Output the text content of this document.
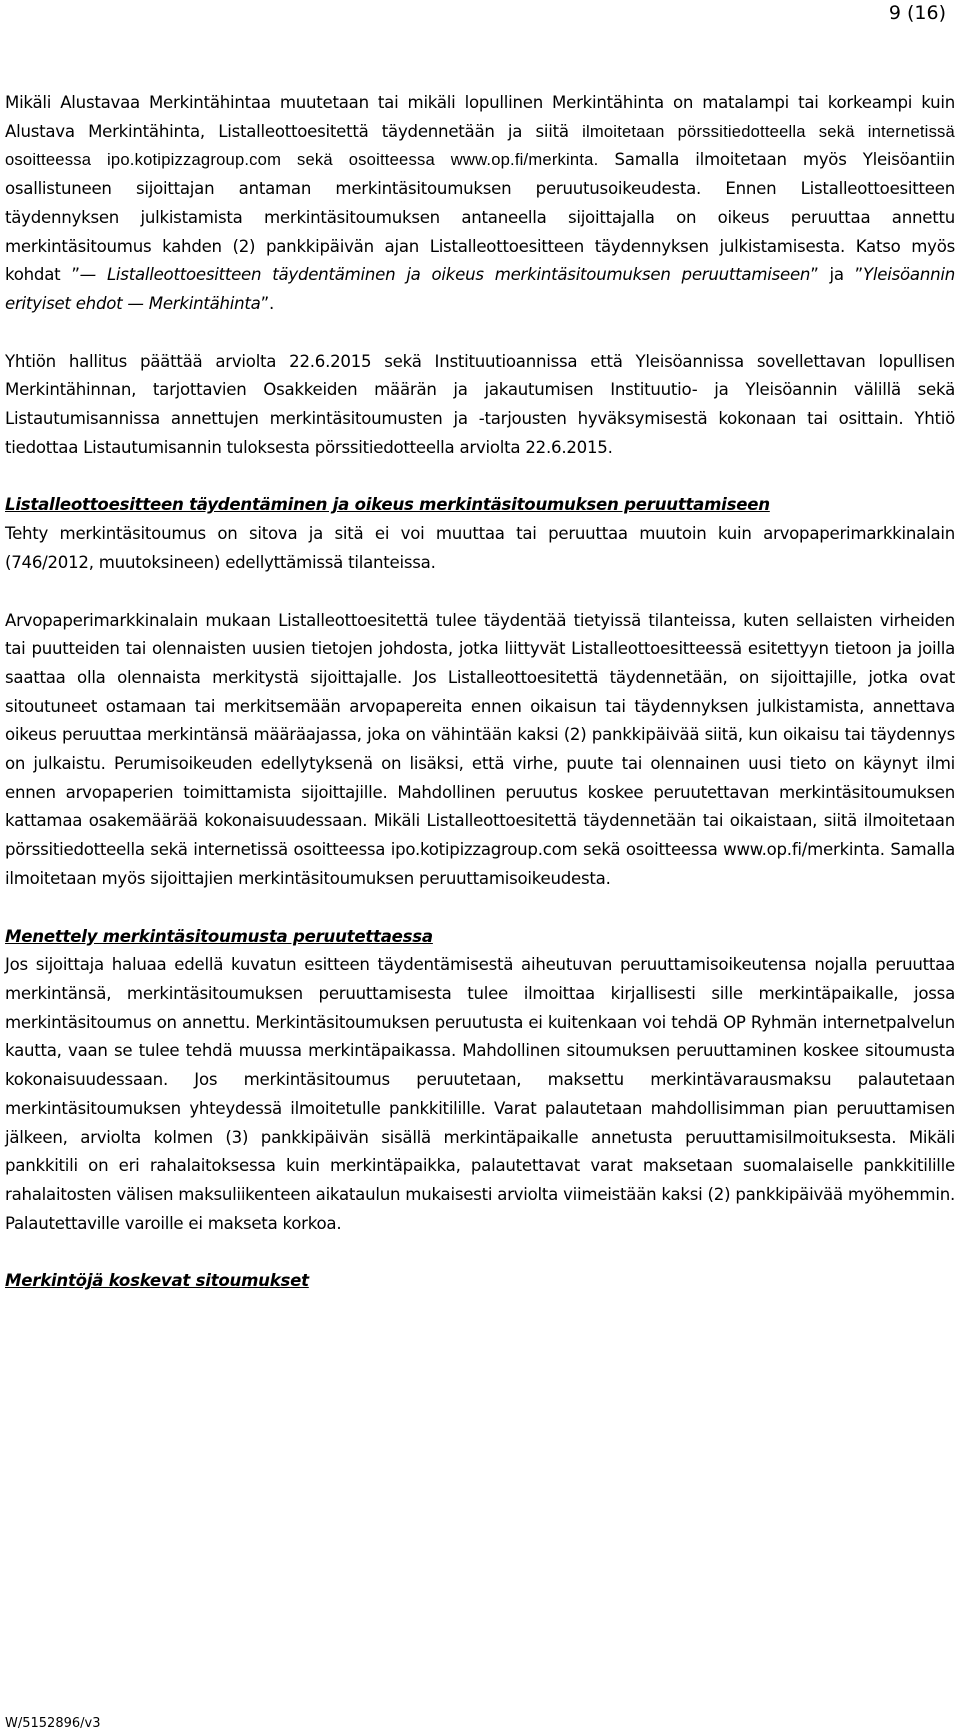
9 (16)

Mikäli Alustavaa Merkintähintaa muutetaan tai mikäli lopullinen Merkintähinta on matalampi tai korkeampi kuin Alustava Merkintähinta, Listalleottoesitettä täydennetään ja siitä ilmoitetaan pörssitiedotteella sekä internetissä osoitteessa ipo.kotipizzagroup.com sekä osoitteessa www.op.fi/merkinta. Samalla ilmoitetaan myös Yleisöantiin osallistuneen sijoittajan antaman merkintäsitoumuksen peruutusoikeudesta. Ennen Listalleottoesitteen täydennyksen julkistamista merkintäsitoumuksen antaneella sijoittajalla on oikeus peruuttaa annettu merkintäsitoumus kahden (2) pankkipäivän ajan Listalleottoesitteen täydennyksen julkistamisesta. Katso myös kohdat ”— Listalleottoesitteen täydentäminen ja oikeus merkintäsitoumuksen peruuttamiseen” ja ”Yleisöannin erityiset ehdot — Merkintähinta”.

Yhtiön hallitus päättää arviolta 22.6.2015 sekä Instituutioannissa että Yleisöannissa sovellettavan lopullisen Merkintähinnan, tarjottavien Osakkeiden määrän ja jakautumisen Instituutio- ja Yleisöannin välillä sekä Listautumisannissa annettujen merkintäsitoumusten ja -tarjousten hyväksymisestä kokonaan tai osittain. Yhtiö tiedottaa Listautumisannin tuloksesta pörssitiedotteella arviolta 22.6.2015.

Listalleottoesitteen täydentäminen ja oikeus merkintäsitoumuksen peruuttamiseen

Tehty merkintäsitoumus on sitova ja sitä ei voi muuttaa tai peruuttaa muutoin kuin arvopaperimarkkinalain (746/2012, muutoksineen) edellyttämissä tilanteissa.

Arvopaperimarkkinalain mukaan Listalleottoesitettä tulee täydentää tietyissä tilanteissa, kuten sellaisten virheiden tai puutteiden tai olennaisten uusien tietojen johdosta, jotka liittyvät Listalleottoesitteessä esitettyyn tietoon ja joilla saattaa olla olennaista merkitystä sijoittajalle. Jos Listalleottoesitettä täydennetään, on sijoittajille, jotka ovat sitoutuneet ostamaan tai merkitsemään arvopapereita ennen oikaisun tai täydennyksen julkistamista, annettava oikeus peruuttaa merkintänsä määräajassa, joka on vähintään kaksi (2) pankkipäivää siitä, kun oikaisu tai täydennys on julkaistu. Perumisoikeuden edellytyksenä on lisäksi, että virhe, puute tai olennainen uusi tieto on käynyt ilmi ennen arvopaperien toimittamista sijoittajille. Mahdollinen peruutus koskee peruutettavan merkintäsitoumuksen kattamaa osakemäärää kokonaisuudessaan. Mikäli Listalleottoesitettä täydennetään tai oikaistaan, siitä ilmoitetaan pörssitiedotteella sekä internetissä osoitteessa ipo.kotipizzagroup.com sekä osoitteessa www.op.fi/merkinta. Samalla ilmoitetaan myös sijoittajien merkintäsitoumuksen peruuttamisoikeudesta.

Menettely merkintäsitoumusta peruutettaessa

Jos sijoittaja haluaa edellä kuvatun esitteen täydentämisestä aiheutuvan peruuttamisoikeutensa nojalla peruuttaa merkintänsä, merkintäsitoumuksen peruuttamisesta tulee ilmoittaa kirjallisesti sille merkintäpaikalle, jossa merkintäsitoumus on annettu. Merkintäsitoumuksen peruutusta ei kuitenkaan voi tehdä OP Ryhmän internetpalvelun kautta, vaan se tulee tehdä muussa merkintäpaikassa. Mahdollinen sitoumuksen peruuttaminen koskee sitoumusta kokonaisuudessaan. Jos merkintäsitoumus peruutetaan, maksettu merkintävarausmaksu palautetaan merkintäsitoumuksen yhteydessä ilmoitetulle pankkitilille. Varat palautetaan mahdollisimman pian peruuttamisen jälkeen, arviolta kolmen (3) pankkipäivän sisällä merkintäpaikalle annetusta peruuttamisilmoituksesta. Mikäli pankkitili on eri rahalaitoksessa kuin merkintäpaikka, palautettavat varat maksetaan suomalaiselle pankkitilille rahalaitosten välisen maksuliikenteen aikataulun mukaisesti arviolta viimeistään kaksi (2) pankkipäivää myöhemmin. Palautettaville varoille ei makseta korkoa.

Merkintöjä koskevat sitoumukset

W/5152896/v3
